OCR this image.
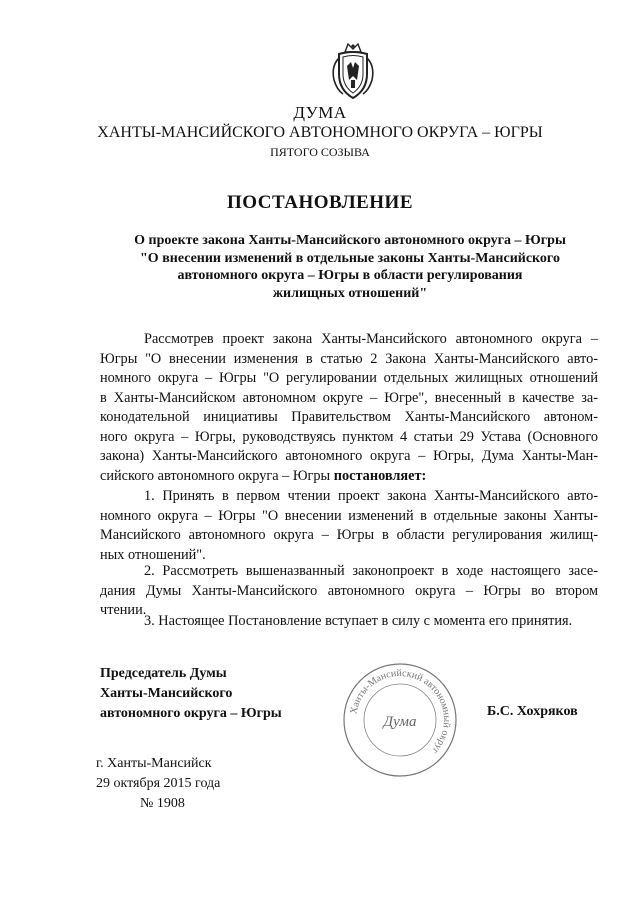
ДУМА
ХАНТЫ-МАНСИЙСКОГО АВТОНОМНОГО ОКРУГА – ЮГРЫ
ПЯТОГО СОЗЫВА
ПОСТАНОВЛЕНИЕ
О проекте закона Ханты-Мансийского автономного округа – Югры
"О внесении изменений в отдельные законы Ханты-Мансийского
автономного округа – Югры в области регулирования
жилищных отношений"
Рассмотрев проект закона Ханты-Мансийского автономного округа –
Югры "О внесении изменения в статью 2 Закона Ханты-Мансийского авто-
номного округа – Югры "О регулировании отдельных жилищных отношений
в Ханты-Мансийском автономном округе – Югре", внесенный в качестве за-
конодательной инициативы Правительством Ханты-Мансийского автоном-
ного округа – Югры, руководствуясь пунктом 4 статьи 29 Устава (Основного
закона) Ханты-Мансийского автономного округа – Югры, Дума Ханты-Ман-
сийского автономного округа – Югры постановляет:
1. Принять в первом чтении проект закона Ханты-Мансийского авто-
номного округа – Югры "О внесении изменений в отдельные законы Ханты-
Мансийского автономного округа – Югры в области регулирования жилищ-
ных отношений".
2. Рассмотреть вышеназванный законопроект в ходе настоящего засе-
дания Думы Ханты-Мансийского автономного округа – Югры во втором
чтении.
3. Настоящее Постановление вступает в силу с момента его принятия.
Председатель Думы
Ханты-Мансийского
автономного округа – Югры	Ханты-Мансийский автономный округ
Дума
Б.С. Хохряков
г. Ханты-Мансийск
29 октября 2015 года
№ 1908
